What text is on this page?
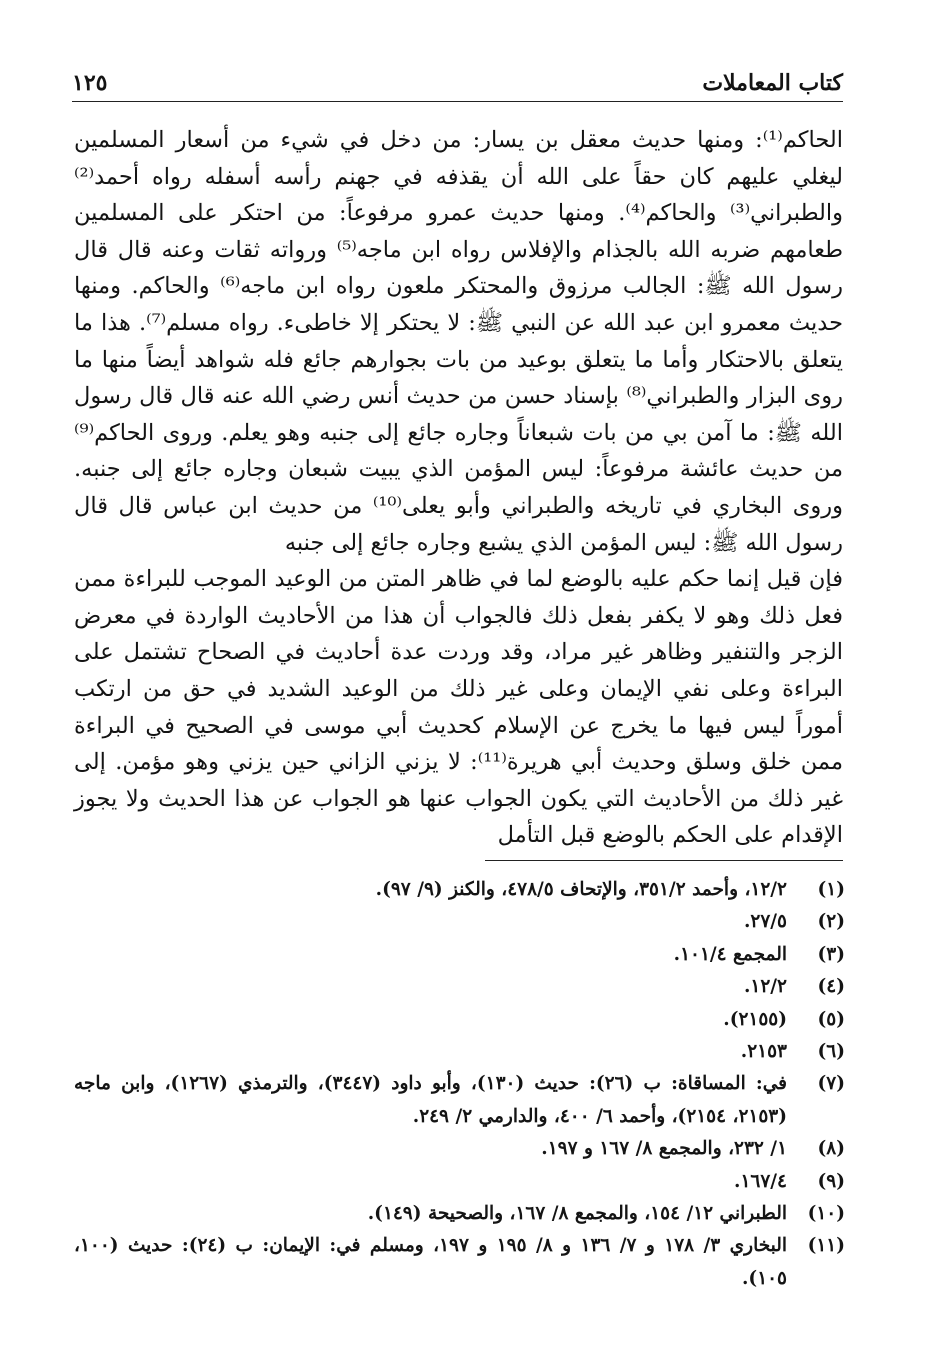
كتاب المعاملات
١٢٥

الحاكم⁽¹⁾: ومنها حديث معقل بن يسار: من دخل في شيء من أسعار المسلمين ليغلي عليهم كان حقاً على الله أن يقذفه في جهنم رأسه أسفله رواه أحمد⁽²⁾ والطبراني⁽³⁾ والحاكم⁽⁴⁾. ومنها حديث عمرو مرفوعاً: من احتكر على المسلمين طعامهم ضربه الله بالجذام والإفلاس رواه ابن ماجه⁽⁵⁾ ورواته ثقات وعنه قال قال رسول الله ﷺ: الجالب مرزوق والمحتكر ملعون رواه ابن ماجه⁽⁶⁾ والحاكم. ومنها حديث معمرو ابن عبد الله عن النبي ﷺ: لا يحتكر إلا خاطىء. رواه مسلم⁽⁷⁾. هذا ما يتعلق بالاحتكار وأما ما يتعلق بوعيد من بات بجوارهم جائع فله شواهد أيضاً منها ما روى البزار والطبراني⁽⁸⁾ بإسناد حسن من حديث أنس رضي الله عنه قال قال رسول الله ﷺ: ما آمن بي من بات شبعاناً وجاره جائع إلى جنبه وهو يعلم. وروى الحاكم⁽⁹⁾ من حديث عائشة مرفوعاً: ليس المؤمن الذي يبيت شبعان وجاره جائع إلى جنبه. وروى البخاري في تاريخه والطبراني وأبو يعلى⁽¹⁰⁾ من حديث ابن عباس قال قال رسول الله ﷺ: ليس المؤمن الذي يشبع وجاره جائع إلى جنبه

فإن قيل إنما حكم عليه بالوضع لما في ظاهر المتن من الوعيد الموجب للبراءة ممن فعل ذلك وهو لا يكفر بفعل ذلك فالجواب أن هذا من الأحاديث الواردة في معرض الزجر والتنفير وظاهر غير مراد، وقد وردت عدة أحاديث في الصحاح تشتمل على البراءة وعلى نفي الإيمان وعلى غير ذلك من الوعيد الشديد في حق من ارتكب أموراً ليس فيها ما يخرج عن الإسلام كحديث أبي موسى في الصحيح في البراءة ممن خلق وسلق وحديث أبي هريرة⁽¹¹⁾: لا يزني الزاني حين يزني وهو مؤمن. إلى غير ذلك من الأحاديث التي يكون الجواب عنها هو الجواب عن هذا الحديث ولا يجوز الإقدام على الحكم بالوضع قبل التأمل

(١)
١٢/٢، وأحمد ٣٥١/٢، والإتحاف ٤٧٨/٥، والكنز (٩/ ٩٧).
(٢)
٢٧/٥.
(٣)
المجمع ١٠١/٤.
(٤)
١٢/٢.
(٥)
(٢١٥٥).
(٦)
٢١٥٣.
(٧)
في: المساقاة: ب (٢٦): حديث (١٣٠)، وأبو داود (٣٤٤٧)، والترمذي (١٢٦٧)، وابن ماجه (٢١٥٣، ٢١٥٤)، وأحمد ٦/ ٤٠٠، والدارمي ٢/ ٢٤٩.
(٨)
١/ ٢٣٢، والمجمع ٨/ ١٦٧ و ١٩٧.
(٩)
١٦٧/٤.
(١٠)
الطبراني ١٢/ ١٥٤، والمجمع ٨/ ١٦٧، والصحيحة (١٤٩).
(١١)
البخاري ٣/ ١٧٨ و ٧/ ١٣٦ و ٨/ ١٩٥ و ١٩٧، ومسلم في: الإيمان: ب (٢٤): حديث (١٠٠، ١٠٥).
